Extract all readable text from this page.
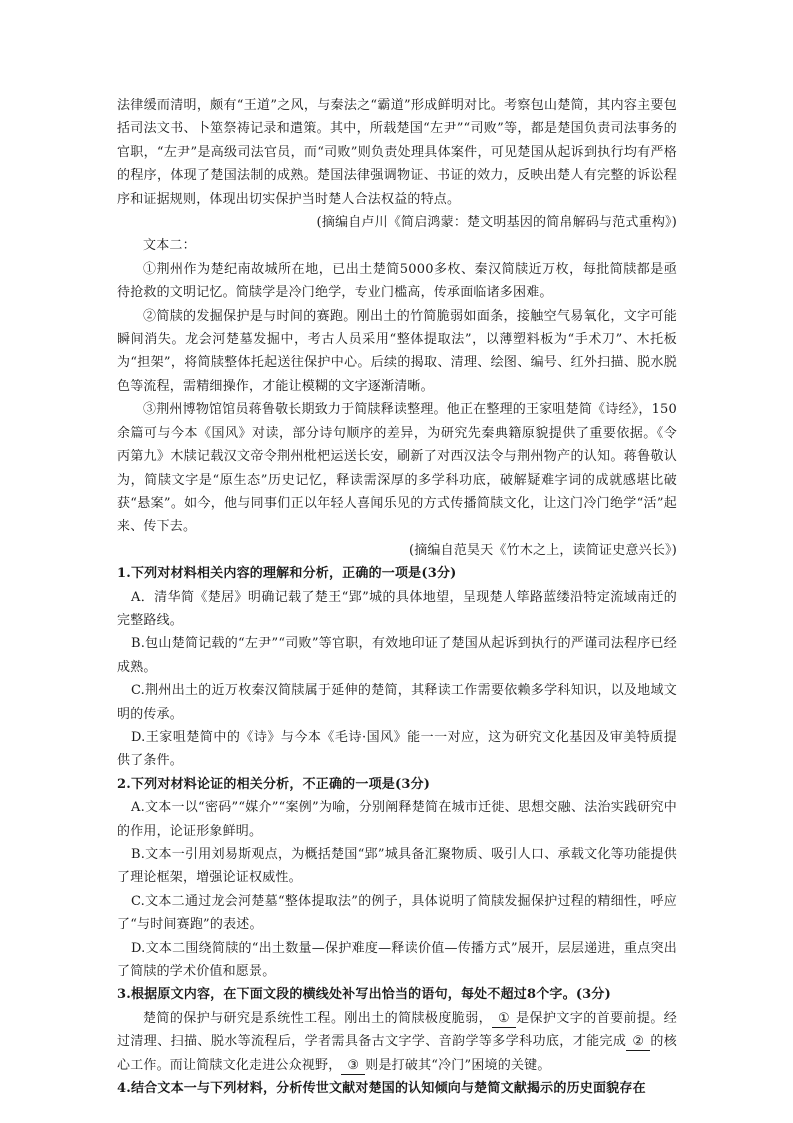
法律缓而清明，颇有“王道”之风，与秦法之“霸道”形成鲜明对比。考察包山楚简，其内容主要包括司法文书、卜筮祭祷记录和遣策。其中，所载楚国“左尹”“司败”等，都是楚国负责司法事务的官职，“左尹”是高级司法官员，而“司败”则负责处理具体案件，可见楚国从起诉到执行均有严格的程序，体现了楚国法制的成熟。楚国法律强调物证、书证的效力，反映出楚人有完整的诉讼程序和证据规则，体现出切实保护当时楚人合法权益的特点。

(摘编自卢川《简启鸿蒙：楚文明基因的简帛解码与范式重构》)

文本二：

①荆州作为楚纪南故城所在地，已出土楚简5000多枚、秦汉简牍近万枚，每批简牍都是亟待抢救的文明记忆。简牍学是冷门绝学，专业门槛高，传承面临诸多困难。

②简牍的发掘保护是与时间的赛跑。刚出土的竹简脆弱如面条，接触空气易氧化，文字可能瞬间消失。龙会河楚墓发掘中，考古人员采用“整体提取法”，以薄塑料板为“手术刀”、木托板为“担架”，将简牍整体托起送往保护中心。后续的揭取、清理、绘图、编号、红外扫描、脱水脱色等流程，需精细操作，才能让模糊的文字逐渐清晰。

③荆州博物馆馆员蒋鲁敬长期致力于简牍释读整理。他正在整理的王家咀楚简《诗经》，150余篇可与今本《国风》对读，部分诗句顺序的差异，为研究先秦典籍原貌提供了重要依据。《令丙第九》木牍记载汉文帝令荆州枇杷运送长安，刷新了对西汉法令与荆州物产的认知。蒋鲁敬认为，简牍文字是“原生态”历史记忆，释读需深厚的多学科功底，破解疑难字词的成就感堪比破获“悬案”。如今，他与同事们正以年轻人喜闻乐见的方式传播简牍文化，让这门冷门绝学“活”起来、传下去。

(摘编自范昊天《竹木之上，读简证史意兴长》)

1.下列对材料相关内容的理解和分析，正确的一项是(3分)

A．清华简《楚居》明确记载了楚王“郢”城的具体地望，呈现楚人筚路蓝缕沿特定流域南迁的完整路线。

B.包山楚简记载的“左尹”“司败”等官职，有效地印证了楚国从起诉到执行的严谨司法程序已经成熟。

C.荆州出土的近万枚秦汉简牍属于延伸的楚简，其释读工作需要依赖多学科知识，以及地域文明的传承。

D.王家咀楚简中的《诗》与今本《毛诗·国风》能一一对应，这为研究文化基因及审美特质提供了条件。

2.下列对材料论证的相关分析，不正确的一项是(3分)

A.文本一以“密码”“媒介”“案例”为喻，分别阐释楚简在城市迁徙、思想交融、法治实践研究中的作用，论证形象鲜明。

B.文本一引用刘易斯观点，为概括楚国“郢”城具备汇聚物质、吸引人口、承载文化等功能提供了理论框架，增强论证权威性。

C.文本二通过龙会河楚墓“整体提取法”的例子，具体说明了简牍发掘保护过程的精细性，呼应了“与时间赛跑”的表述。

D.文本二围绕简牍的“出土数量—保护难度—释读价值—传播方式”展开，层层递进，重点突出了简牍的学术价值和愿景。

3.根据原文内容，在下面文段的横线处补写出恰当的语句，每处不超过8个字。(3分)

楚简的保护与研究是系统性工程。刚出土的简牍极度脆弱， ① 是保护文字的首要前提。经过清理、扫描、脱水等流程后，学者需具备古文字学、音韵学等多学科功底，才能完成 ② 的核心工作。而让简牍文化走进公众视野， ③ 则是打破其“冷门”困境的关键。

4.结合文本一与下列材料，分析传世文献对楚国的认知倾向与楚简文献揭示的历史面貌存在
